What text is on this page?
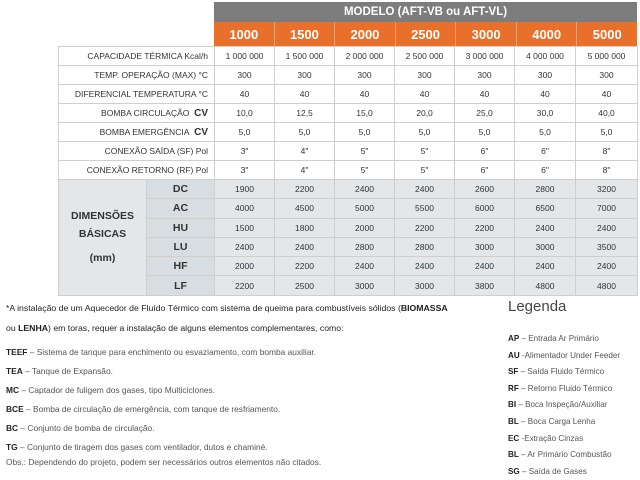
MODELO (AFT-VB ou AFT-VL)
1000	1500	2000	2500	3000	4000	5000
CAPACIDADE TÉRMICA Kcal/h		1 000 000	1 500 000	2 000 000	2 500 000	3 000 000	4 000 000	5 000 000
TEMP. OPERAÇÃO (MAX) °C		300	300	300	300	300	300	300
DIFERENCIAL TEMPERATURA °C		40	40	40	40	40	40	40
BOMBA CIRCULAÇÃO CV		10,0	12,5	15,0	20,0	25,0	30,0	40,0
BOMBA EMERGÊNCIA CV		5,0	5,0	5,0	5,0	5,0	5,0	5,0
CONEXÃO SAÍDA (SF) Pol		3"	4"	5"	5"	6"	6"	8"
CONEXÃO RETORNO (RF) Pol		3"	4"	5"	5"	6"	6"	8"

DIMENSÕES
BÁSICAS
(mm)	DC	1900	2200	2400	2400	2600	2800	3200
	AC	4000	4500	5000	5500	6000	6500	7000
	HU	1500	1800	2000	2200	2200	2400	2400
	LU	2400	2400	2800	2800	3000	3000	3500
	HF	2000	2200	2400	2400	2400	2400	2400
	LF	2200	2500	3000	3000	3800	4800	4800
*A instalação de um Aquecedor de Fluído Térmico com sistema de queima para combustíveis sólidos (BIOMASSA
ou LENHA) em toras, requer a instalação de alguns elementos complementares, como:
TEEF – Sistema de tanque para enchimento ou esvaziamento, com bomba auxiliar.
TEA – Tanque de Expansão.
MC – Captador de fuligem dos gases, tipo Multiciclones.
BCE – Bomba de circulação de emergência, com tanque de resfriamento.
BC – Conjunto de bomba de circulação.
TG – Conjunto de tiragem dos gases com ventilador, dutos e chaminé.
Obs.: Dependendo do projeto, podem ser necessários outros elementos não citados.
Legenda
AP – Entrada Ar Primário
AU -Alimentador Under Feeder
SF – Saída Fluido Térmico
RF – Retorno Fluido Térmico
BI – Boca Inspeção/Auxiliar
BL – Boca Carga Lenha
EC -Extração Cinzas
BL – Ar Primário Combustão
SG – Saída de Gases
